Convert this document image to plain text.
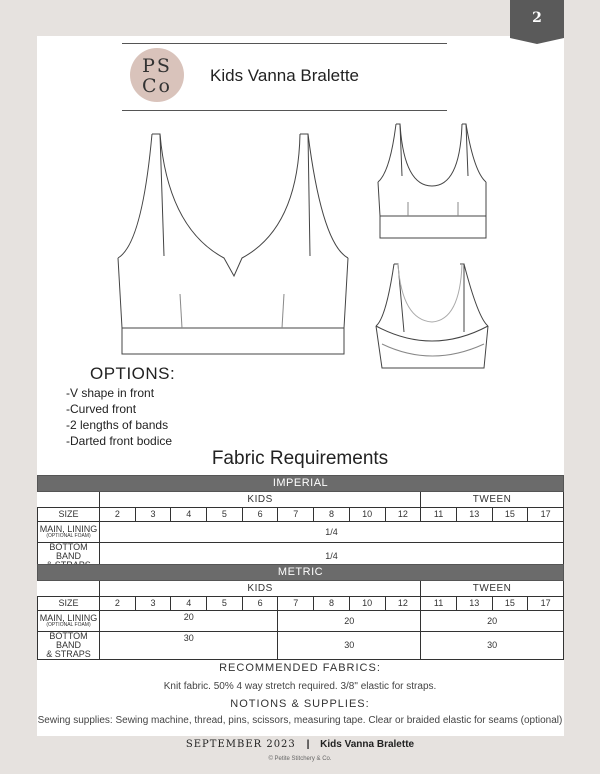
2
PS
Co	Kids Vanna Bralette
OPTIONS:
-V shape in front
-Curved front
-2 lengths of bands
-Darted front bodice
Fabric Requirements
IMPERIAL													
	KIDS									TWEEN			
SIZE	2	3	4	5	6	7	8	10	12	11	13	15	17
MAIN, LINING
(OPTIONAL FOAM)	1/4												

BOTTOM BAND	1/4												
METRIC													
	KIDS									TWEEN			
SIZE	2	3	4	5	6	7	8	10	12	11	13	15	17
MAIN, LINING
(OPTIONAL FOAM)	20					20				20			

BOTTOM BAND
& STRAPS	30					30				30			
RECOMMENDED FABRICS:
Knit fabric. 50% 4 way stretch required. 3/8" elastic for straps.
NOTIONS & SUPPLIES:
Sewing supplies: Sewing machine, thread, pins, scissors, measuring tape. Clear or braided elastic for seams (optional)
SEPTEMBER 2023 | Kids Vanna Bralette
© Petite Stitchery & Co.
